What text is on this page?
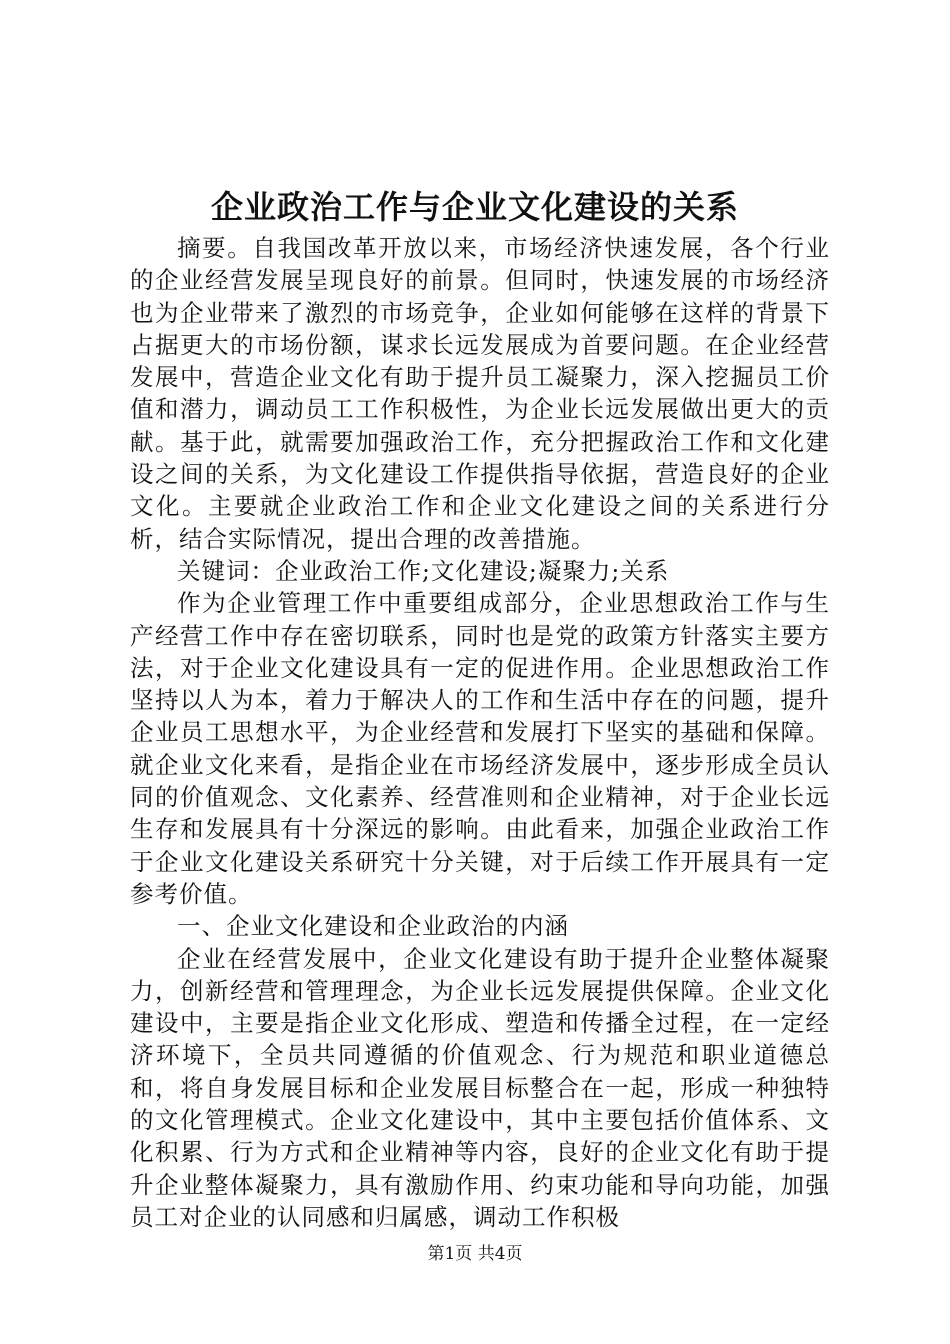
企业政治工作与企业文化建设的关系

摘要。自我国改革开放以来，市场经济快速发展，各个行业的企业经营发展呈现良好的前景。但同时，快速发展的市场经济也为企业带来了激烈的市场竞争，企业如何能够在这样的背景下占据更大的市场份额，谋求长远发展成为首要问题。在企业经营发展中，营造企业文化有助于提升员工凝聚力，深入挖掘员工价值和潜力，调动员工工作积极性，为企业长远发展做出更大的贡献。基于此，就需要加强政治工作，充分把握政治工作和文化建设之间的关系，为文化建设工作提供指导依据，营造良好的企业文化。主要就企业政治工作和企业文化建设之间的关系进行分析，结合实际情况，提出合理的改善措施。

关键词：企业政治工作;文化建设;凝聚力;关系

作为企业管理工作中重要组成部分，企业思想政治工作与生产经营工作中存在密切联系，同时也是党的政策方针落实主要方法，对于企业文化建设具有一定的促进作用。企业思想政治工作坚持以人为本，着力于解决人的工作和生活中存在的问题，提升企业员工思想水平，为企业经营和发展打下坚实的基础和保障。就企业文化来看，是指企业在市场经济发展中，逐步形成全员认同的价值观念、文化素养、经营准则和企业精神，对于企业长远生存和发展具有十分深远的影响。由此看来，加强企业政治工作于企业文化建设关系研究十分关键，对于后续工作开展具有一定参考价值。

一、企业文化建设和企业政治的内涵

企业在经营发展中，企业文化建设有助于提升企业整体凝聚力，创新经营和管理理念，为企业长远发展提供保障。企业文化建设中，主要是指企业文化形成、塑造和传播全过程，在一定经济环境下，全员共同遵循的价值观念、行为规范和职业道德总和，将自身发展目标和企业发展目标整合在一起，形成一种独特的文化管理模式。企业文化建设中，其中主要包括价值体系、文化积累、行为方式和企业精神等内容，良好的企业文化有助于提升企业整体凝聚力，具有激励作用、约束功能和导向功能，加强员工对企业的认同感和归属感，调动工作积极

第1页 共4页
